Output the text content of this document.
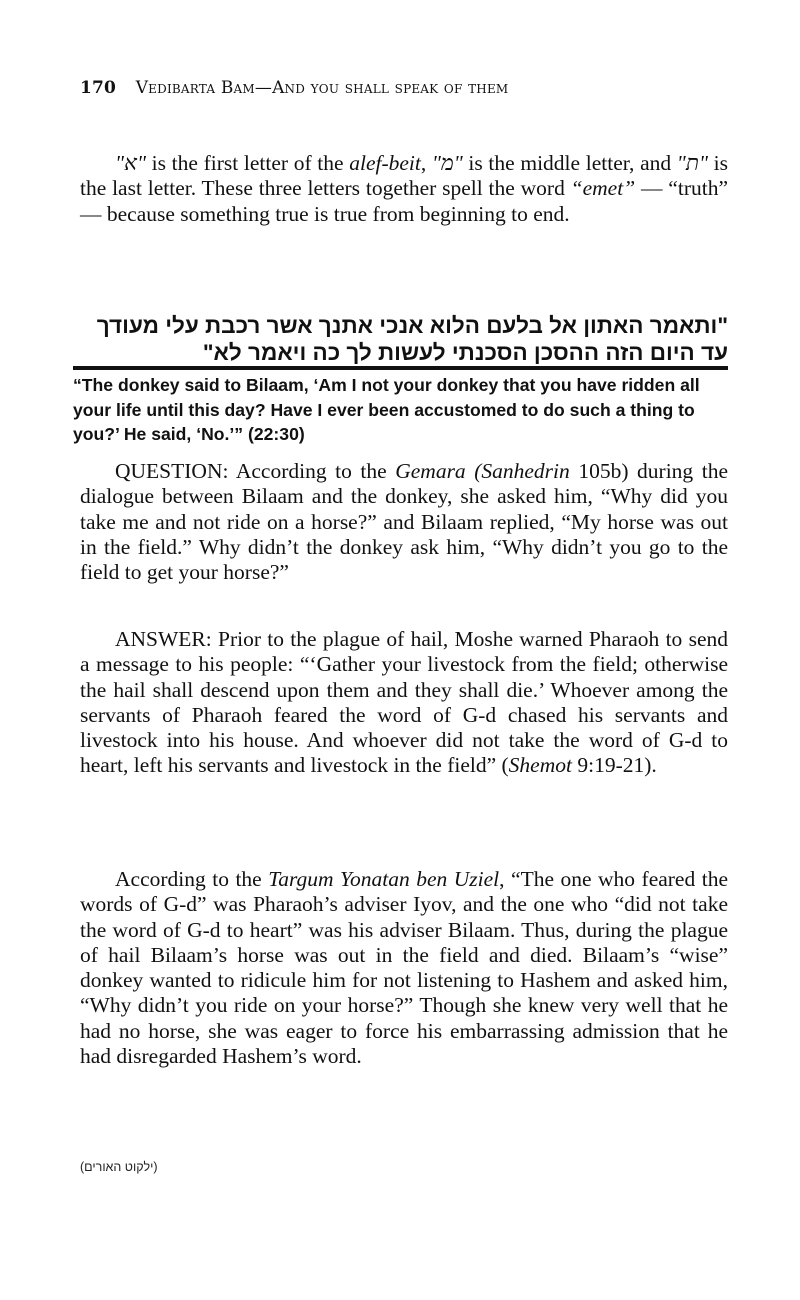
170 Vedibarta Bam—And you shall speak of them

"א" is the first letter of the alef-beit, "מ" is the middle letter, and "ת" is the last letter. These three letters together spell the word “emet” — “truth” — because something true is true from beginning to end.

"ותאמר האתון אל בלעם הלוא אנכי אתנך אשר רכבת עלי מעודך
עד היום הזה ההסכן הסכנתי לעשות לך כה ויאמר לא"
“The donkey said to Bilaam, ‘Am I not your donkey that you have ridden all your life until this day? Have I ever been accustomed to do such a thing to you?’ He said, ‘No.’” (22:30)

QUESTION: According to the Gemara (Sanhedrin 105b) during the dialogue between Bilaam and the donkey, she asked him, “Why did you take me and not ride on a horse?” and Bilaam replied, “My horse was out in the field.” Why didn’t the donkey ask him, “Why didn’t you go to the field to get your horse?”

ANSWER: Prior to the plague of hail, Moshe warned Pharaoh to send a message to his people: “‘Gather your livestock from the field; otherwise the hail shall descend upon them and they shall die.’ Whoever among the servants of Pharaoh feared the word of G-d chased his servants and livestock into his house. And whoever did not take the word of G-d to heart, left his servants and livestock in the field” (Shemot 9:19-21).

According to the Targum Yonatan ben Uziel, “The one who feared the words of G-d” was Pharaoh’s adviser Iyov, and the one who “did not take the word of G-d to heart” was his adviser Bilaam. Thus, during the plague of hail Bilaam’s horse was out in the field and died. Bilaam’s “wise” donkey wanted to ridicule him for not listening to Hashem and asked him, “Why didn’t you ride on your horse?” Though she knew very well that he had no horse, she was eager to force his embarrassing admission that he had disregarded Hashem’s word.

(ילקוט האורים)
